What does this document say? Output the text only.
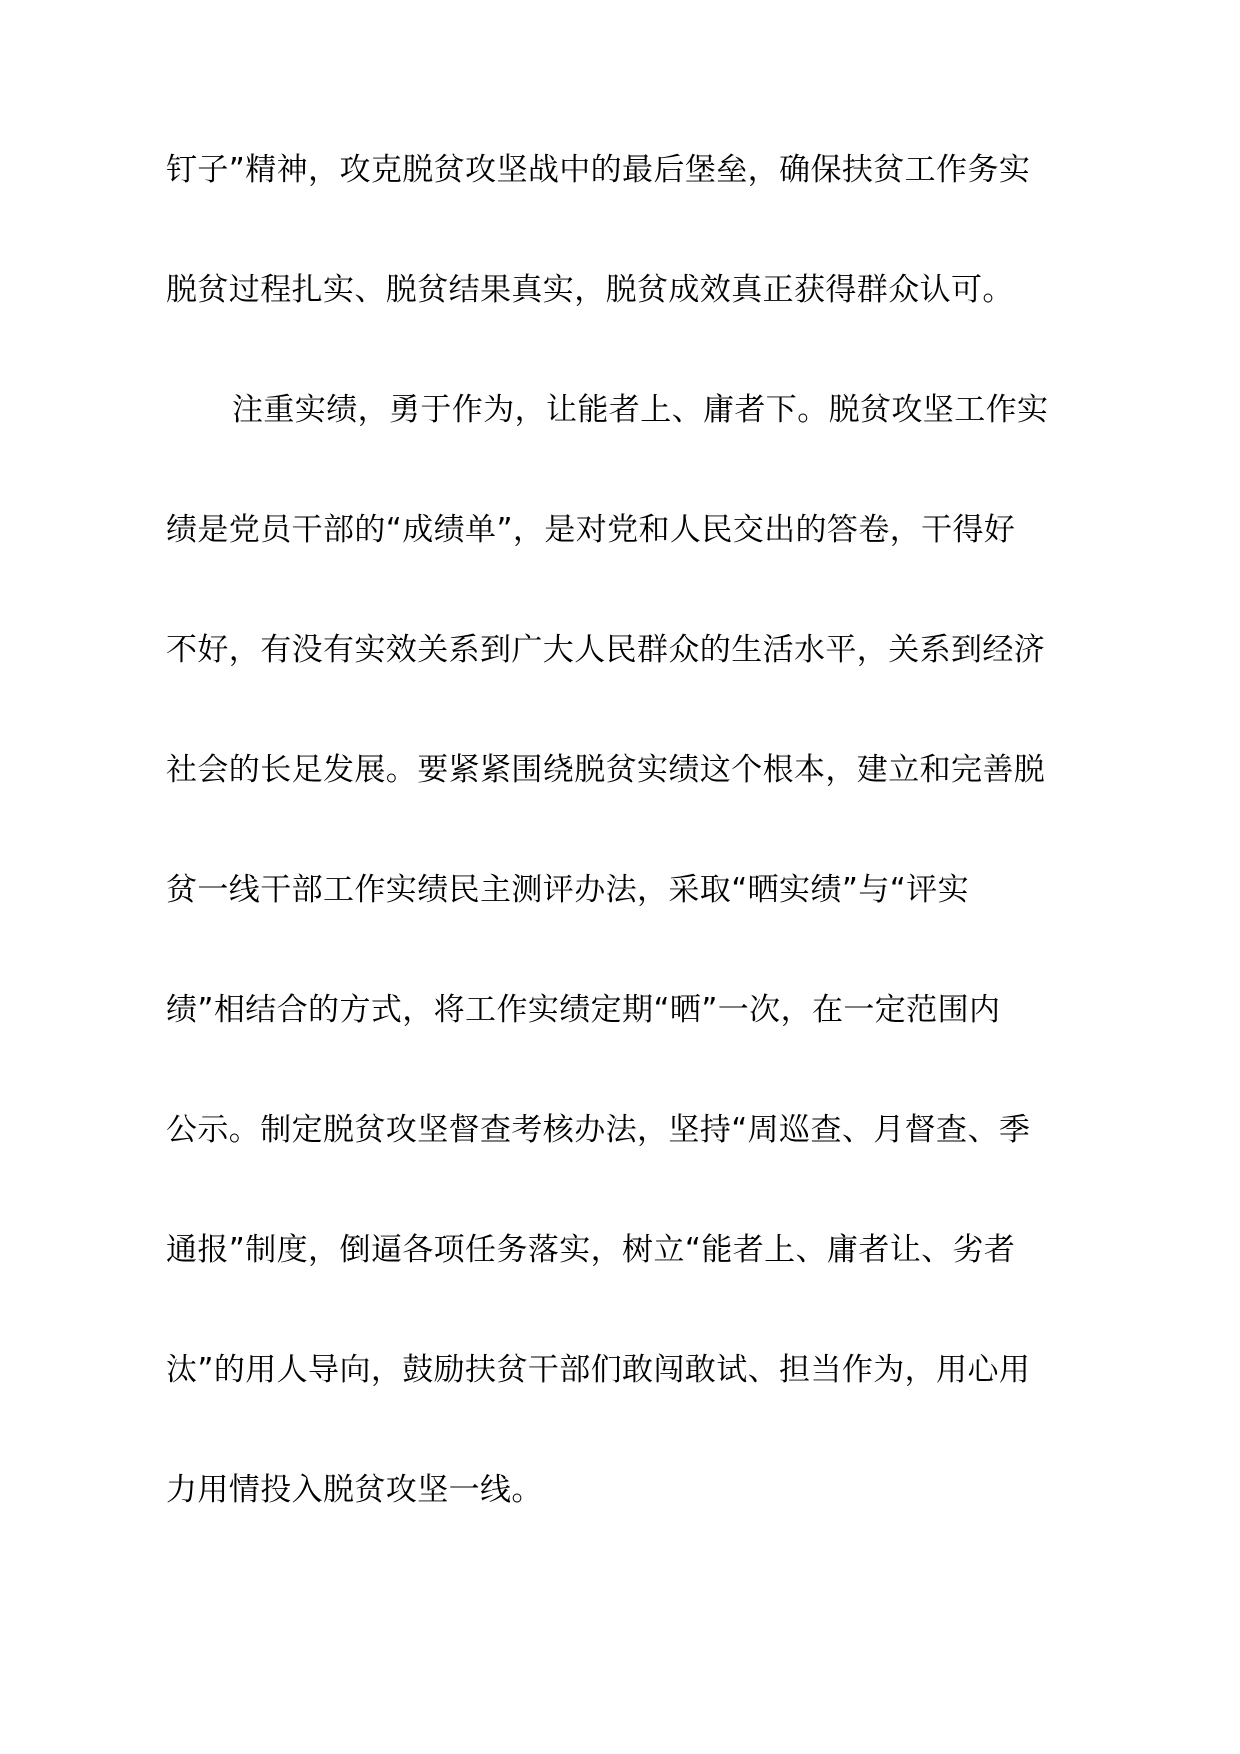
钉子”精神，攻克脱贫攻坚战中的最后堡垒，确保扶贫工作务实
脱贫过程扎实、脱贫结果真实，脱贫成效真正获得群众认可。
注重实绩，勇于作为，让能者上、庸者下。脱贫攻坚工作实
绩是党员干部的“成绩单”，是对党和人民交出的答卷，干得好
不好，有没有实效关系到广大人民群众的生活水平，关系到经济
社会的长足发展。要紧紧围绕脱贫实绩这个根本，建立和完善脱
贫一线干部工作实绩民主测评办法，采取“晒实绩”与“评实
绩”相结合的方式，将工作实绩定期“晒”一次，在一定范围内
公示。制定脱贫攻坚督查考核办法，坚持“周巡查、月督查、季
通报”制度，倒逼各项任务落实，树立“能者上、庸者让、劣者
汰”的用人导向，鼓励扶贫干部们敢闯敢试、担当作为，用心用
力用情投入脱贫攻坚一线。
